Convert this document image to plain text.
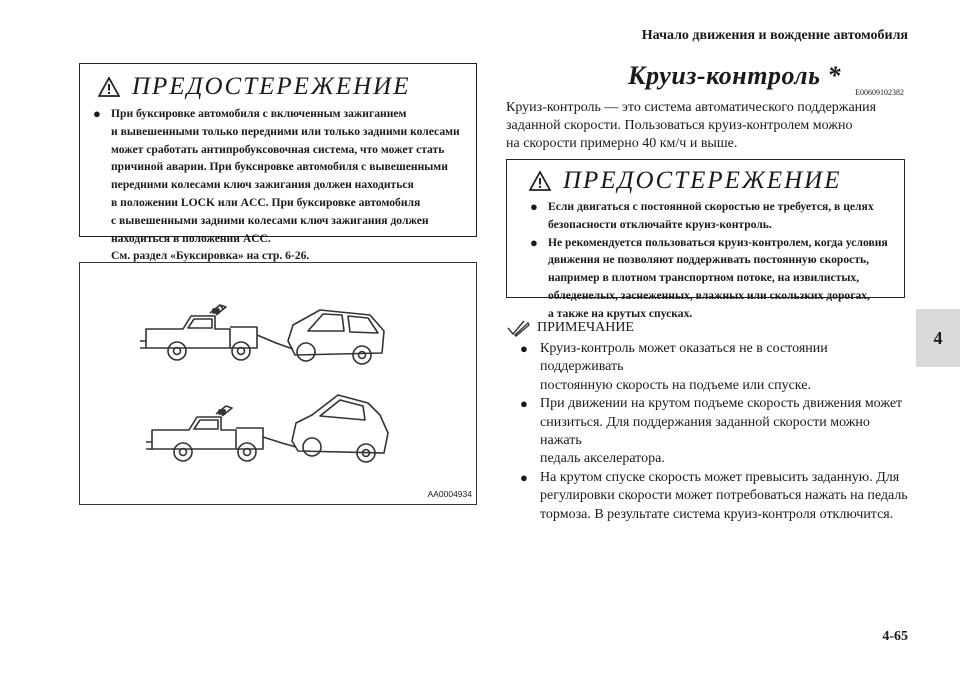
Начало движения и вождение автомобиля
4
4-65
ПРЕДОСТЕРЕЖЕНИЕ
● При буксировке автомобиля с включенным зажиганием
и вывешенными только передними или только задними колесами
может сработать антипробуксовочная система, что может стать
причиной аварии. При буксировке автомобиля с вывешенными
передними колесами ключ зажигания должен находиться
в положении LOCK или ACC. При буксировке автомобиля
с вывешенными задними колесами ключ зажигания должен
находиться в положении ACC.
См. раздел «Буксировка» на стр. 6-26.
AA0004934
Круиз-контроль *
E00609102382
Круиз-контроль — это система автоматического поддержания
заданной скорости. Пользоваться круиз-контролем можно
на скорости примерно 40 км/ч и выше.
ПРЕДОСТЕРЕЖЕНИЕ
● Если двигаться с постоянной скоростью не требуется, в целях
безопасности отключайте круиз-контроль.
● Не рекомендуется пользоваться круиз-контролем, когда условия
движения не позволяют поддерживать постоянную скорость,
например в плотном транспортном потоке, на извилистых,
обледенелых, заснеженных, влажных или скользких дорогах,
а также на крутых спусках.
ПРИМЕЧАНИЕ
● Круиз-контроль может оказаться не в состоянии поддерживать
постоянную скорость на подъеме или спуске.
● При движении на крутом подъеме скорость движения может
снизиться. Для поддержания заданной скорости можно нажать
педаль акселератора.
● На крутом спуске скорость может превысить заданную. Для
регулировки скорости может потребоваться нажать на педаль
тормоза. В результате система круиз-контроля отключится.
